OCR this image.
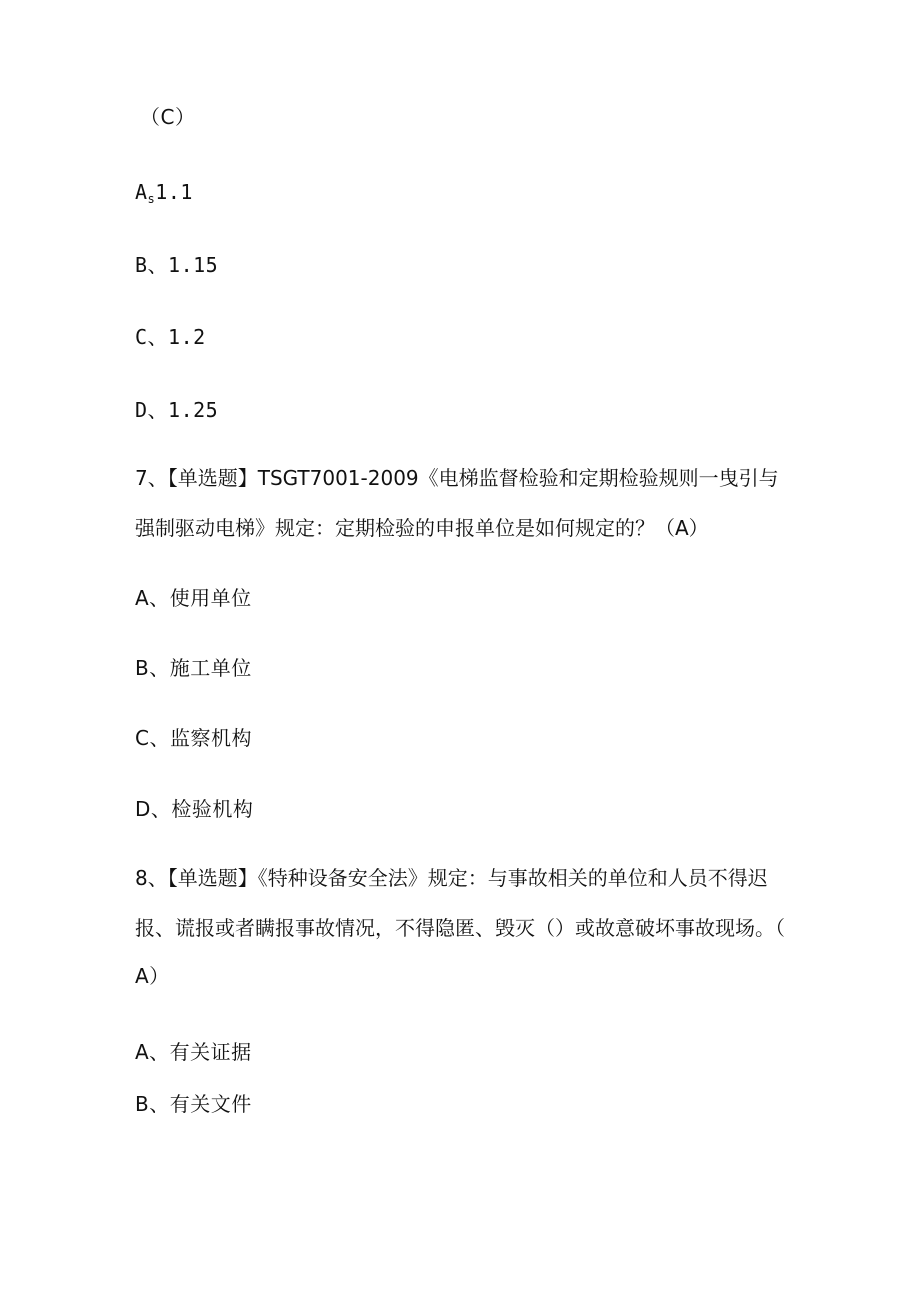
（C）
$A_s1.1$
B、1.15
C、1.2
D、1.25
7、【单选题】TSGT7001-2009《电梯监督检验和定期检验规则一曳引与
强制驱动电梯》规定：定期检验的申报单位是如何规定的？（A）
A、使用单位
B、施工单位
C、监察机构
D、检验机构
8、【单选题】《特种设备安全法》规定：与事故相关的单位和人员不得迟
报、谎报或者瞒报事故情况，不得隐匿、毁灭（）或故意破坏事故现场。（
A）
A、有关证据
B、有关文件
